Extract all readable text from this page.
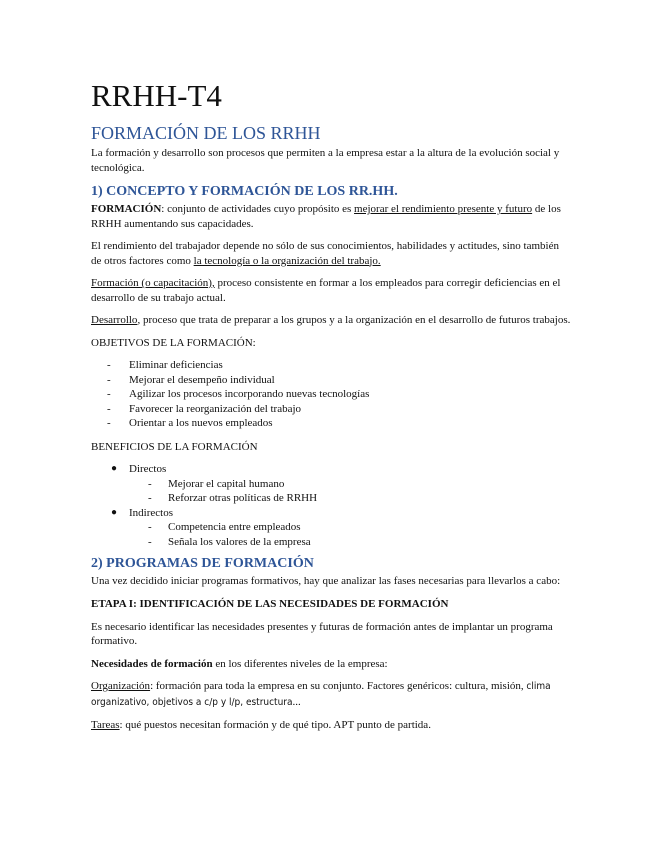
RRHH-T4
FORMACIÓN DE LOS RRHH

La formación y desarrollo son procesos que permiten a la empresa estar a la altura de la evolución social y tecnológica.

1) CONCEPTO Y FORMACIÓN DE LOS RR.HH.

FORMACIÓN: conjunto de actividades cuyo propósito es mejorar el rendimiento presente y futuro de los RRHH aumentando sus capacidades.

El rendimiento del trabajador depende no sólo de sus conocimientos, habilidades y actitudes, sino también de otros factores como la tecnología o la organización del trabajo.

Formación (o capacitación), proceso consistente en formar a los empleados para corregir deficiencias en el desarrollo de su trabajo actual.

Desarrollo, proceso que trata de preparar a los grupos y a la organización en el desarrollo de futuros trabajos.

OBJETIVOS DE LA FORMACIÓN:

- Eliminar deficiencias
- Mejorar el desempeño individual
- Agilizar los procesos incorporando nuevas tecnologías
- Favorecer la reorganización del trabajo
- Orientar a los nuevos empleados

BENEFICIOS DE LA FORMACIÓN

● Directos
- Mejorar el capital humano
- Reforzar otras políticas de RRHH
● Indirectos
- Competencia entre empleados
- Señala los valores de la empresa
2) PROGRAMAS DE FORMACIÓN

Una vez decidido iniciar programas formativos, hay que analizar las fases necesarias para llevarlos a cabo:

ETAPA I: IDENTIFICACIÓN DE LAS NECESIDADES DE FORMACIÓN

Es necesario identificar las necesidades presentes y futuras de formación antes de implantar un programa formativo.

Necesidades de formación en los diferentes niveles de la empresa:

Organización: formación para toda la empresa en su conjunto. Factores genéricos: cultura, misión, clima organizativo, objetivos a c/p y l/p, estructura...

Tareas: qué puestos necesitan formación y de qué tipo. APT punto de partida.
